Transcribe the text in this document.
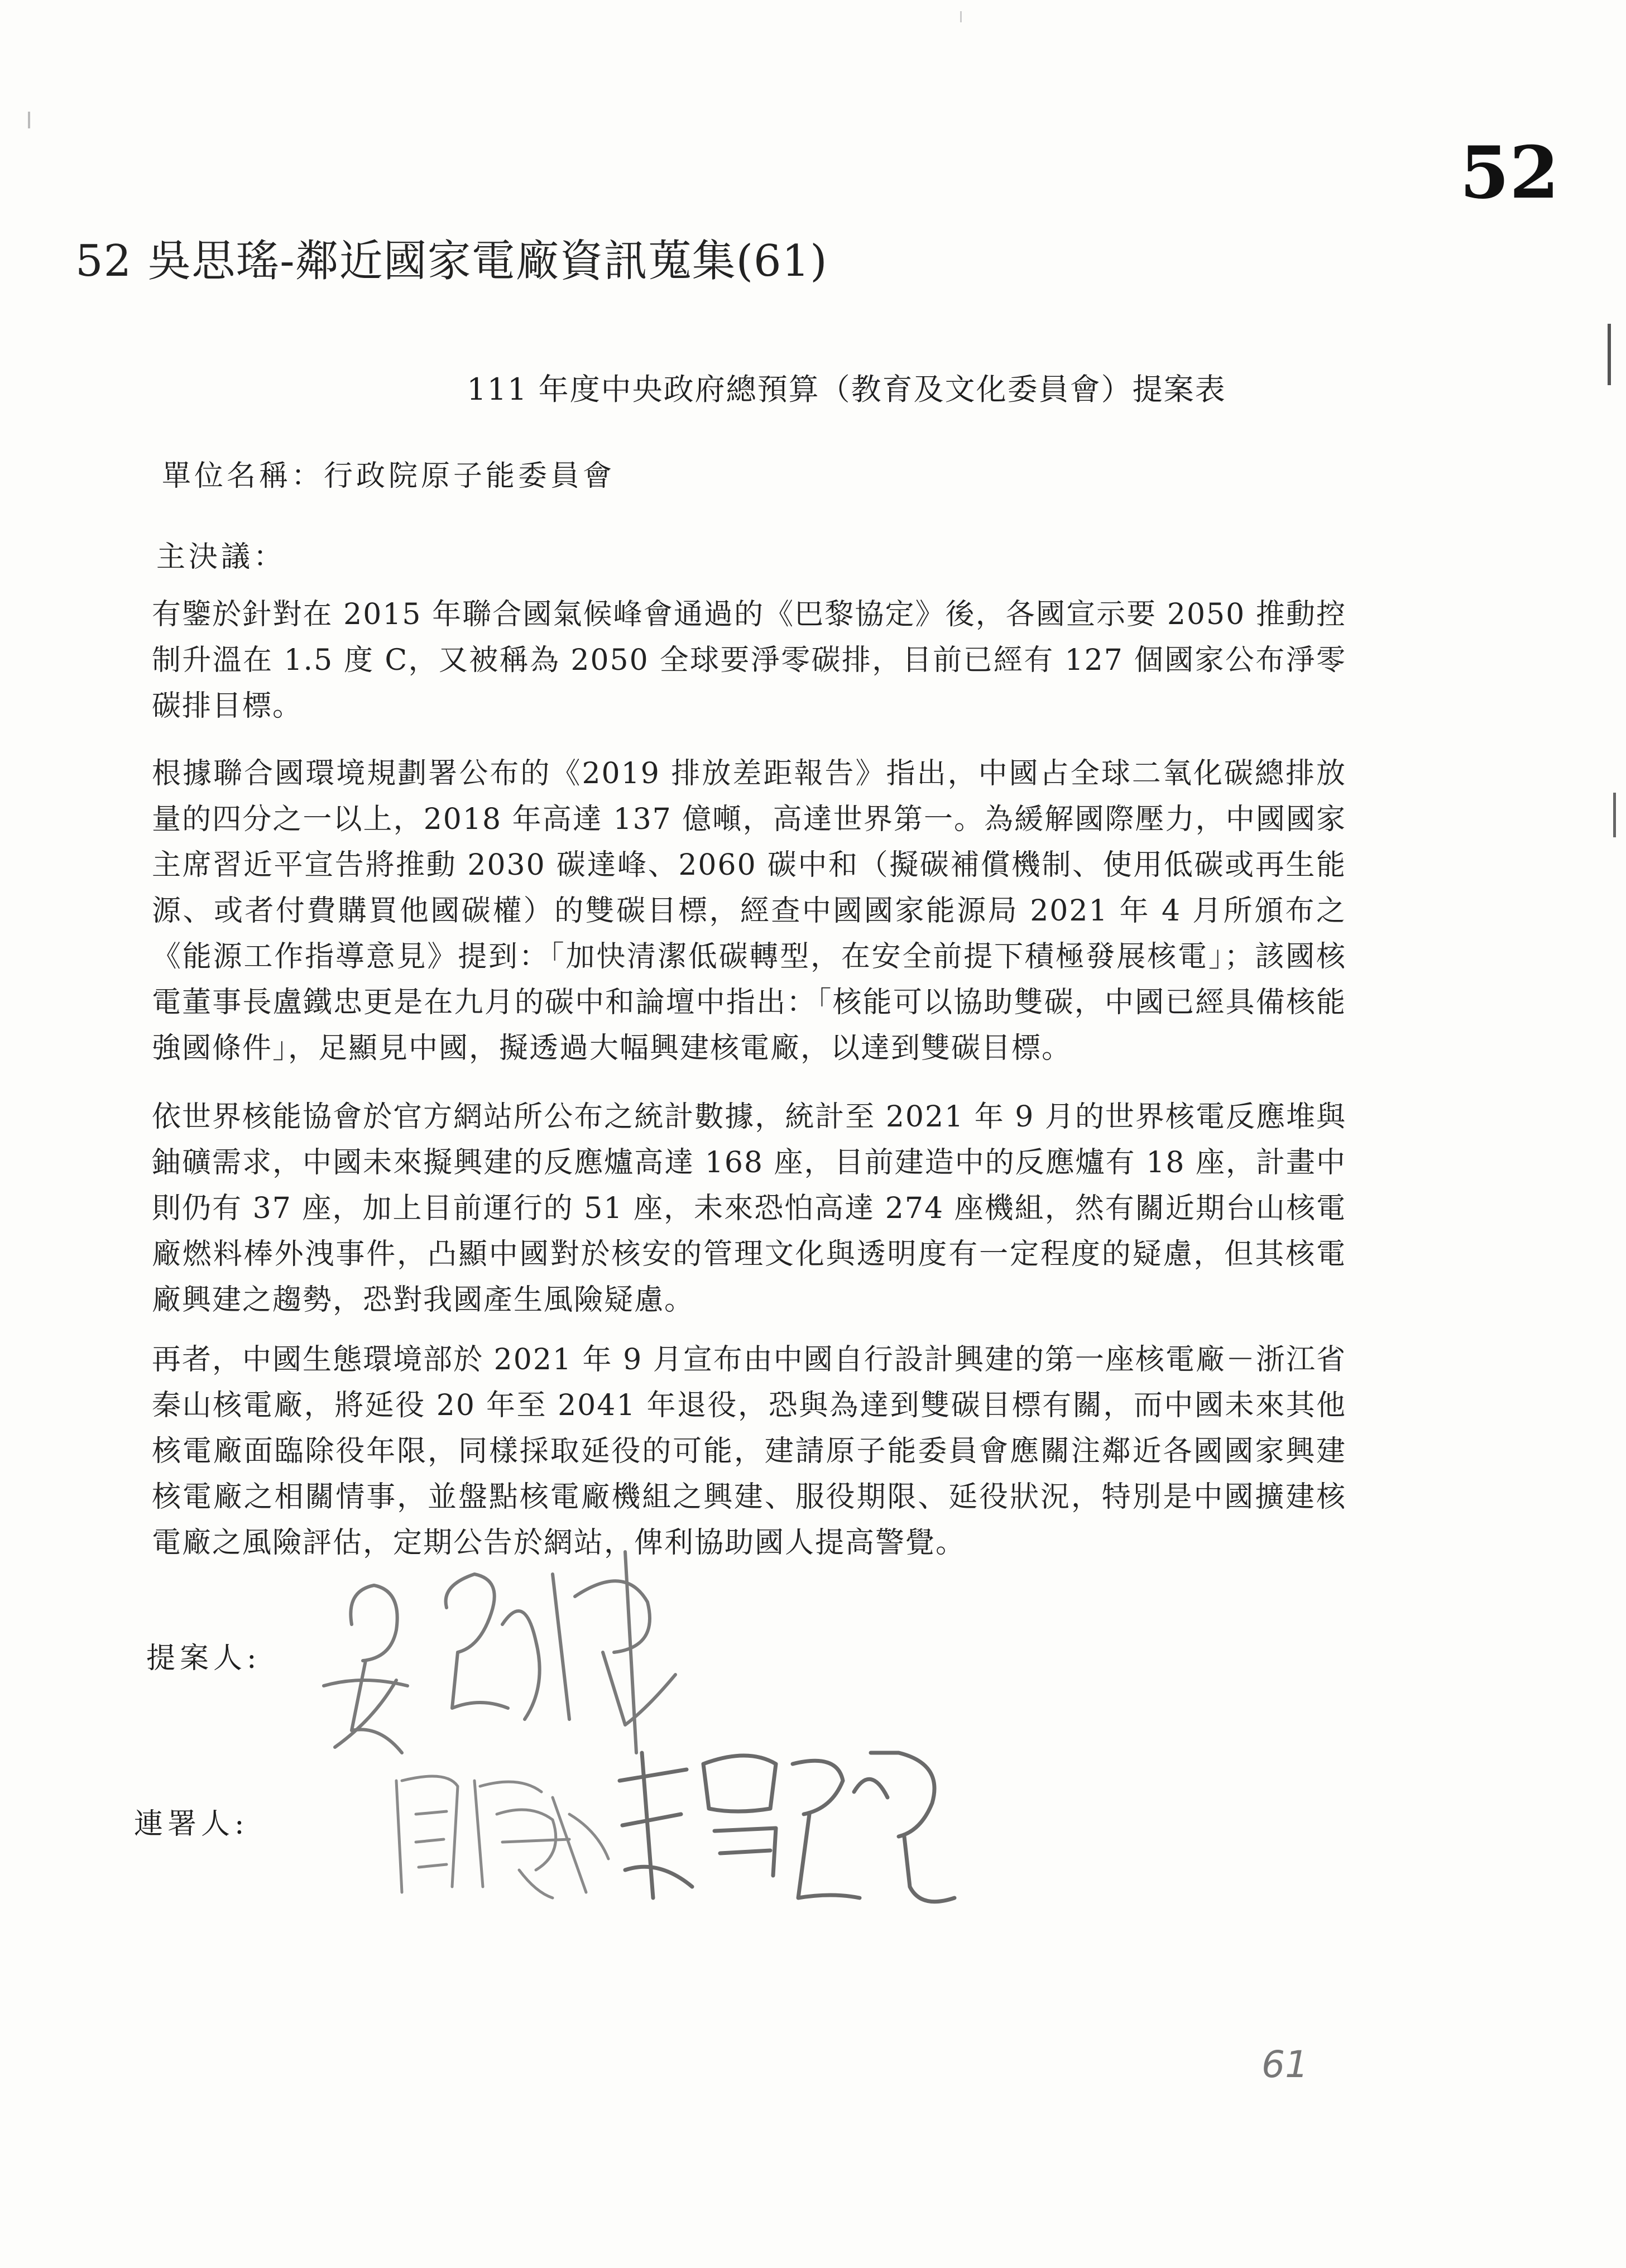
52
52 吳思瑤-鄰近國家電廠資訊蒐集(61)
111 年度中央政府總預算（教育及文化委員會）提案表
單位名稱：行政院原子能委員會
主決議：
有鑒於針對在 2015 年聯合國氣候峰會通過的《巴黎協定》後，各國宣示要 2050 推動控制升溫在 1.5 度 C，又被稱為 2050 全球要淨零碳排，目前已經有 127 個國家公布淨零碳排目標。
根據聯合國環境規劃署公布的《2019 排放差距報告》指出，中國占全球二氧化碳總排放量的四分之一以上，2018 年高達 137 億噸，高達世界第一。為緩解國際壓力，中國國家主席習近平宣告將推動 2030 碳達峰、2060 碳中和（擬碳補償機制、使用低碳或再生能源、或者付費購買他國碳權）的雙碳目標，經查中國國家能源局 2021 年 4 月所頒布之《能源工作指導意見》提到：「加快清潔低碳轉型，在安全前提下積極發展核電」；該國核電董事長盧鐵忠更是在九月的碳中和論壇中指出：「核能可以協助雙碳，中國已經具備核能強國條件」，足顯見中國，擬透過大幅興建核電廠，以達到雙碳目標。
依世界核能協會於官方網站所公布之統計數據，統計至 2021 年 9 月的世界核電反應堆與鈾礦需求，中國未來擬興建的反應爐高達 168 座，目前建造中的反應爐有 18 座，計畫中則仍有 37 座，加上目前運行的 51 座，未來恐怕高達 274 座機組，然有關近期台山核電廠燃料棒外洩事件，凸顯中國對於核安的管理文化與透明度有一定程度的疑慮，但其核電廠興建之趨勢，恐對我國產生風險疑慮。
再者，中國生態環境部於 2021 年 9 月宣布由中國自行設計興建的第一座核電廠－浙江省秦山核電廠，將延役 20 年至 2041 年退役，恐與為達到雙碳目標有關，而中國未來其他核電廠面臨除役年限，同樣採取延役的可能，建請原子能委員會應關注鄰近各國國家興建核電廠之相關情事，並盤點核電廠機組之興建、服役期限、延役狀況，特別是中國擴建核電廠之風險評估，定期公告於網站，俾利協助國人提高警覺。
提案人:
連署人:
61
